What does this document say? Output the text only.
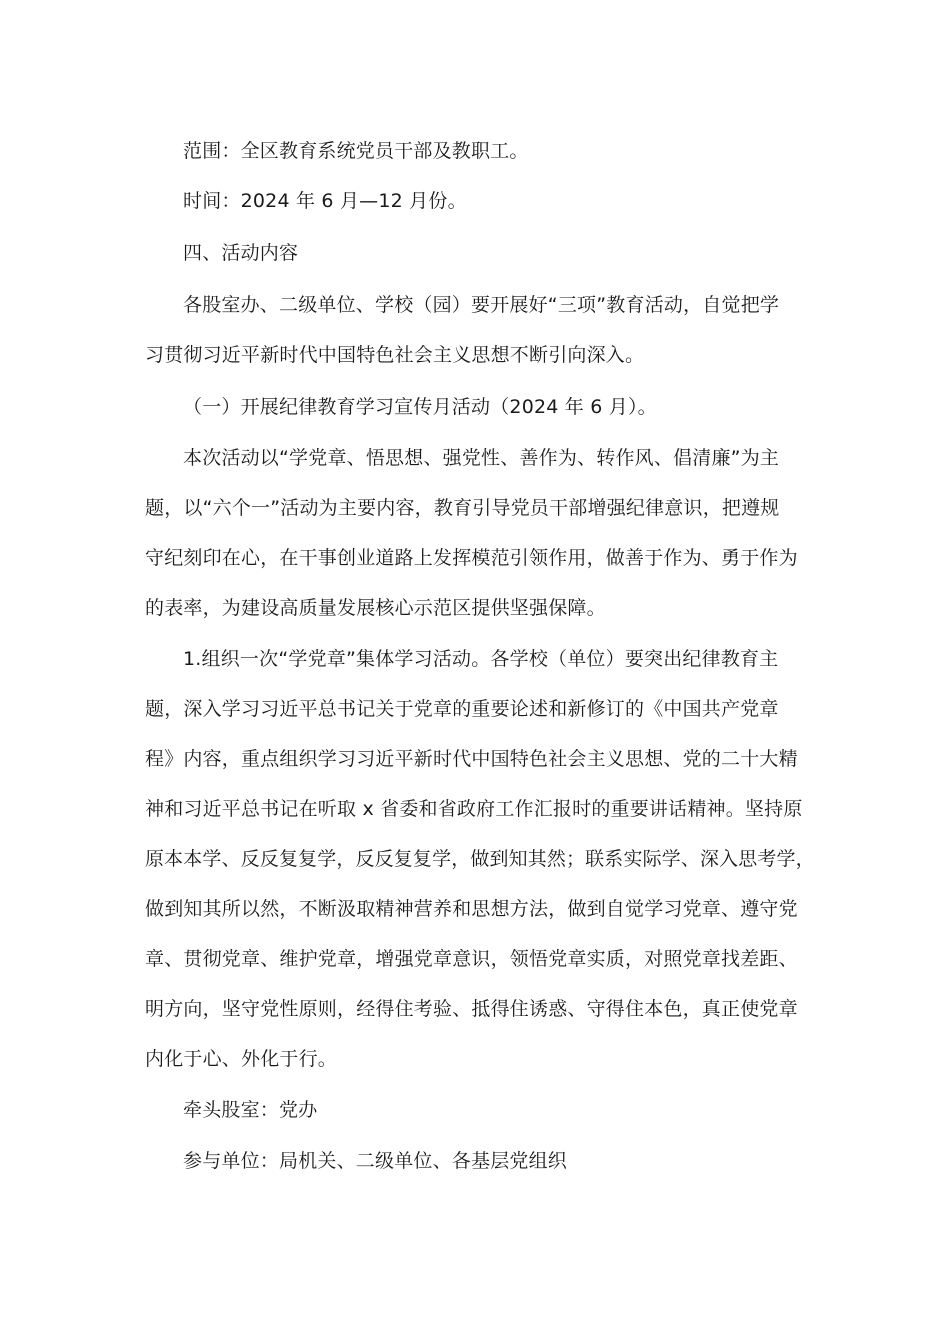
范围：全区教育系统党员干部及教职工。

时间：2024 年 6 月—12 月份。

四、活动内容

各股室办、二级单位、学校（园）要开展好“三项”教育活动，自觉把学

习贯彻习近平新时代中国特色社会主义思想不断引向深入。

（一）开展纪律教育学习宣传月活动（2024 年 6 月）。

本次活动以“学党章、悟思想、强党性、善作为、转作风、倡清廉”为主

题，以“六个一”活动为主要内容，教育引导党员干部增强纪律意识，把遵规

守纪刻印在心，在干事创业道路上发挥模范引领作用，做善于作为、勇于作为

的表率，为建设高质量发展核心示范区提供坚强保障。

1.组织一次“学党章”集体学习活动。各学校（单位）要突出纪律教育主

题，深入学习习近平总书记关于党章的重要论述和新修订的《中国共产党章

程》内容，重点组织学习习近平新时代中国特色社会主义思想、党的二十大精

神和习近平总书记在听取 x 省委和省政府工作汇报时的重要讲话精神。坚持原

原本本学、反反复复学，反反复复学，做到知其然；联系实际学、深入思考学，

做到知其所以然，不断汲取精神营养和思想方法，做到自觉学习党章、遵守党

章、贯彻党章、维护党章，增强党章意识，领悟党章实质，对照党章找差距、

明方向，坚守党性原则，经得住考验、抵得住诱惑、守得住本色，真正使党章

内化于心、外化于行。

牵头股室：党办

参与单位：局机关、二级单位、各基层党组织
